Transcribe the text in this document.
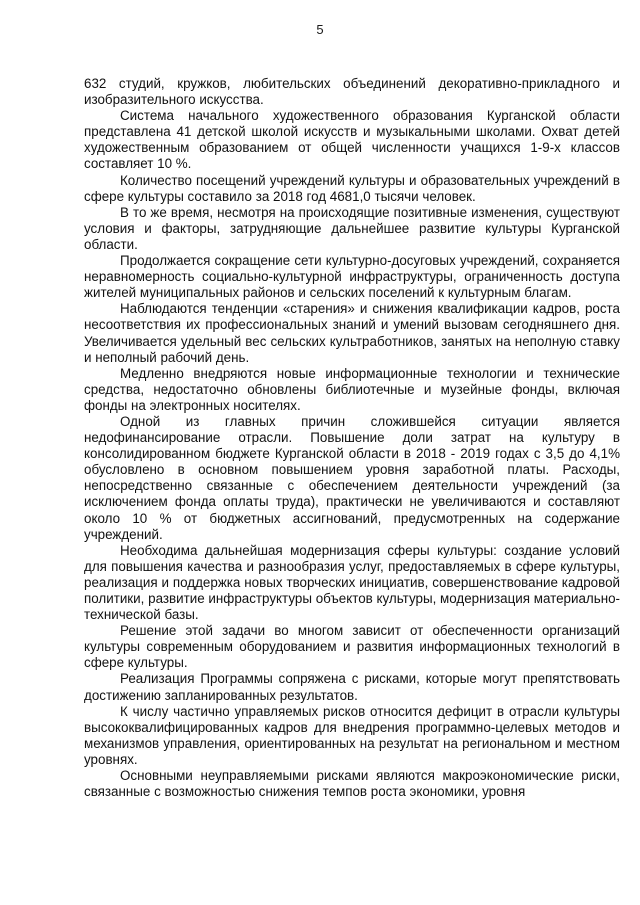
5

632 студий, кружков, любительских объединений декоративно-прикладного и изобразительного искусства.

Система начального художественного образования Курганской области представлена 41 детской школой искусств и музыкальными школами. Охват детей художественным образованием от общей численности учащихся 1-9-х классов составляет 10 %.

Количество посещений учреждений культуры и образовательных учреждений в сфере культуры составило за 2018 год 4681,0 тысячи человек.

В то же время, несмотря на происходящие позитивные изменения, существуют условия и факторы, затрудняющие дальнейшее развитие культуры Курганской области.

Продолжается сокращение сети культурно-досуговых учреждений, сохраняется неравномерность социально-культурной инфраструктуры, ограниченность доступа жителей муниципальных районов и сельских поселений к культурным благам.

Наблюдаются тенденции «старения» и снижения квалификации кадров, роста несоответствия их профессиональных знаний и умений вызовам сегодняшнего дня. Увеличивается удельный вес сельских культработников, занятых на неполную ставку и неполный рабочий день.

Медленно внедряются новые информационные технологии и технические средства, недостаточно обновлены библиотечные и музейные фонды, включая фонды на электронных носителях.

Одной из главных причин сложившейся ситуации является недофинансирование отрасли. Повышение доли затрат на культуру в консолидированном бюджете Курганской области в 2018 - 2019 годах с 3,5 до 4,1% обусловлено в основном повышением уровня заработной платы. Расходы, непосредственно связанные с обеспечением деятельности учреждений (за исключением фонда оплаты труда), практически не увеличиваются и составляют около 10 % от бюджетных ассигнований, предусмотренных на содержание учреждений.

Необходима дальнейшая модернизация сферы культуры: создание условий для повышения качества и разнообразия услуг, предоставляемых в сфере культуры, реализация и поддержка новых творческих инициатив, совершенствование кадровой политики, развитие инфраструктуры объектов культуры, модернизация материально-технической базы.

Решение этой задачи во многом зависит от обеспеченности организаций культуры современным оборудованием и развития информационных технологий в сфере культуры.

Реализация Программы сопряжена с рисками, которые могут препятствовать достижению запланированных результатов.

К числу частично управляемых рисков относится дефицит в отрасли культуры высококвалифицированных кадров для внедрения программно-целевых методов и механизмов управления, ориентированных на результат на региональном и местном уровнях.

Основными неуправляемыми рисками являются макроэкономические риски, связанные с возможностью снижения темпов роста экономики, уровня
